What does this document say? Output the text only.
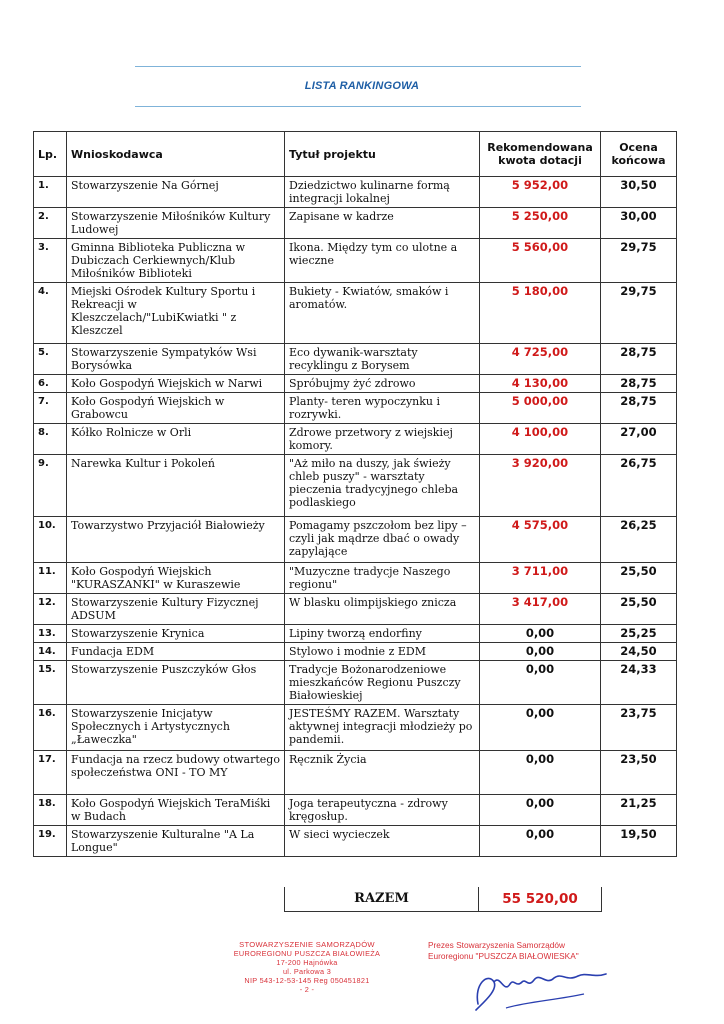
LISTA RANKINGOWA
Lp.	Wnioskodawca	Tytuł projektu	Rekomendowana kwota dotacji	Ocena końcowa
1.	Stowarzyszenie Na Górnej	Dziedzictwo kulinarne formą integracji lokalnej	5 952,00	30,50
2.	Stowarzyszenie Miłośników Kultury Ludowej	Zapisane w kadrze	5 250,00	30,00
3.	Gminna Biblioteka Publiczna w Dubiczach Cerkiewnych/Klub Miłośników Biblioteki	Ikona. Między tym co ulotne a wieczne	5 560,00	29,75
4.	Miejski Ośrodek Kultury Sportu i Rekreacji w Kleszczelach/"LubiKwiatki " z Kleszczel	Bukiety - Kwiatów, smaków i aromatów.	5 180,00	29,75
5.	Stowarzyszenie Sympatyków Wsi Borysówka	Eco dywanik-warsztaty recyklingu z Borysem	4 725,00	28,75
6.	Koło Gospodyń Wiejskich w Narwi	Spróbujmy żyć zdrowo	4 130,00	28,75
7.	Koło Gospodyń Wiejskich w Grabowcu	Planty- teren wypoczynku i rozrywki.	5 000,00	28,75
8.	Kółko Rolnicze w Orli	Zdrowe przetwory z wiejskiej komory.	4 100,00	27,00
9.	Narewka Kultur i Pokoleń	"Aż miło na duszy, jak świeży chleb puszy" - warsztaty pieczenia tradycyjnego chleba podlaskiego	3 920,00	26,75
10.	Towarzystwo Przyjaciół Białowieży	Pomagamy pszczołom bez lipy – czyli jak mądrze dbać o owady zapylające	4 575,00	26,25
11.	Koło Gospodyń Wiejskich "KURASZANKI" w Kuraszewie	"Muzyczne tradycje Naszego regionu"	3 711,00	25,50
12.	Stowarzyszenie Kultury Fizycznej ADSUM	W blasku olimpijskiego znicza	3 417,00	25,50
13.	Stowarzyszenie Krynica	Lipiny tworzą endorfiny	0,00	25,25
14.	Fundacja EDM	Stylowo i modnie z EDM	0,00	24,50
15.	Stowarzyszenie Puszczyków Głos	Tradycje Bożonarodzeniowe mieszkańców Regionu Puszczy Białowieskiej	0,00	24,33
16.	Stowarzyszenie Inicjatyw Społecznych i Artystycznych „Ławeczka"	JESTEŚMY RAZEM. Warsztaty aktywnej integracji młodzieży po pandemii.	0,00	23,75
17.	Fundacja na rzecz budowy otwartego społeczeństwa ONI - TO MY	Ręcznik Życia	0,00	23,50
18.	Koło Gospodyń Wiejskich TeraMiśki w Budach	Joga terapeutyczna - zdrowy kręgosłup.	0,00	21,25
19.	Stowarzyszenie Kulturalne "A La Longue"	W sieci wycieczek	0,00	19,50
RAZEM	55 520,00
STOWARZYSZENIE SAMORZĄDÓW
EUROREGIONU PUSZCZA BIAŁOWIEŻA
17-200 Hajnówka
ul. Parkowa 3
NIP 543-12-53-145 Reg 050451821
- 2 -
Prezes Stowarzyszenia Samorządów
Euroregionu "PUSZCZA BIAŁOWIESKA"
